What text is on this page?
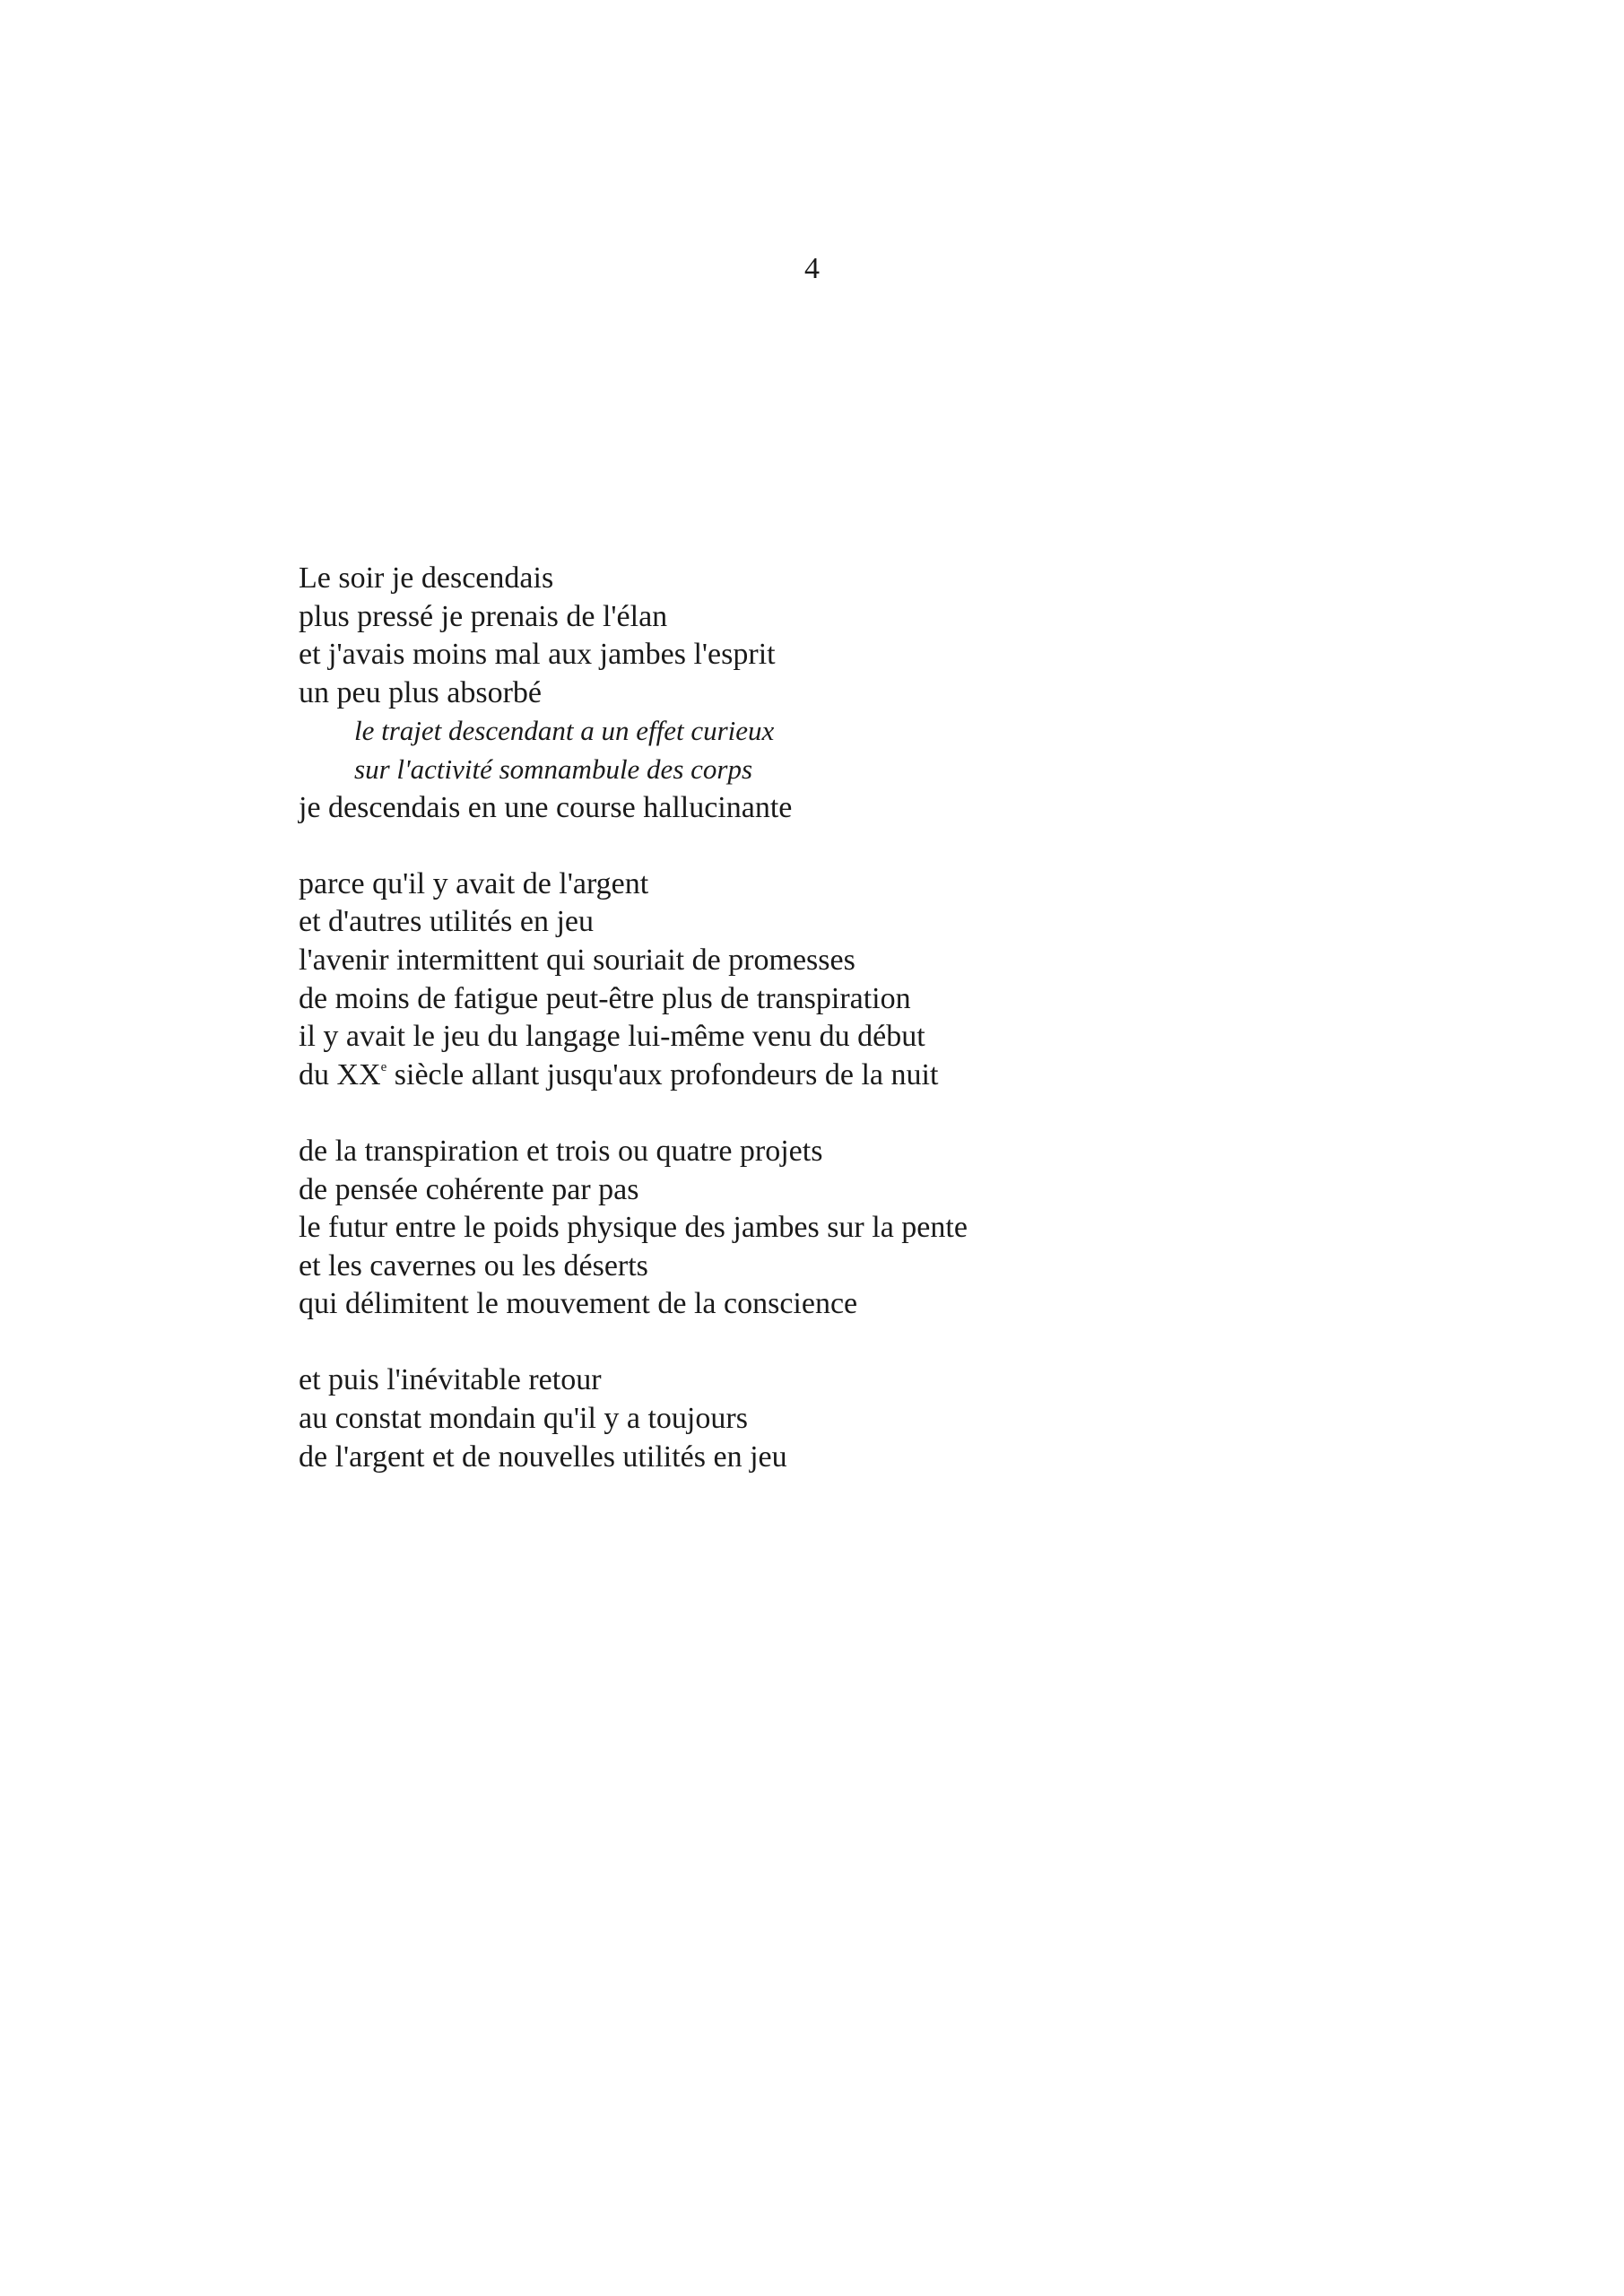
4
Le soir je descendais
plus pressé je prenais de l'élan
et j'avais moins mal aux jambes l'esprit
un peu plus absorbé
le trajet descendant a un effet curieux
sur l'activité somnambule des corps
je descendais en une course hallucinante
parce qu'il y avait de l'argent
et d'autres utilités en jeu
l'avenir intermittent qui souriait de promesses
de moins de fatigue peut-être plus de transpiration
il y avait le jeu du langage lui-même venu du début
du XXe siècle allant jusqu'aux profondeurs de la nuit
de la transpiration et trois ou quatre projets
de pensée cohérente par pas
le futur entre le poids physique des jambes sur la pente
et les cavernes ou les déserts
qui délimitent le mouvement de la conscience
et puis l'inévitable retour
au constat mondain qu'il y a toujours
de l'argent et de nouvelles utilités en jeu
